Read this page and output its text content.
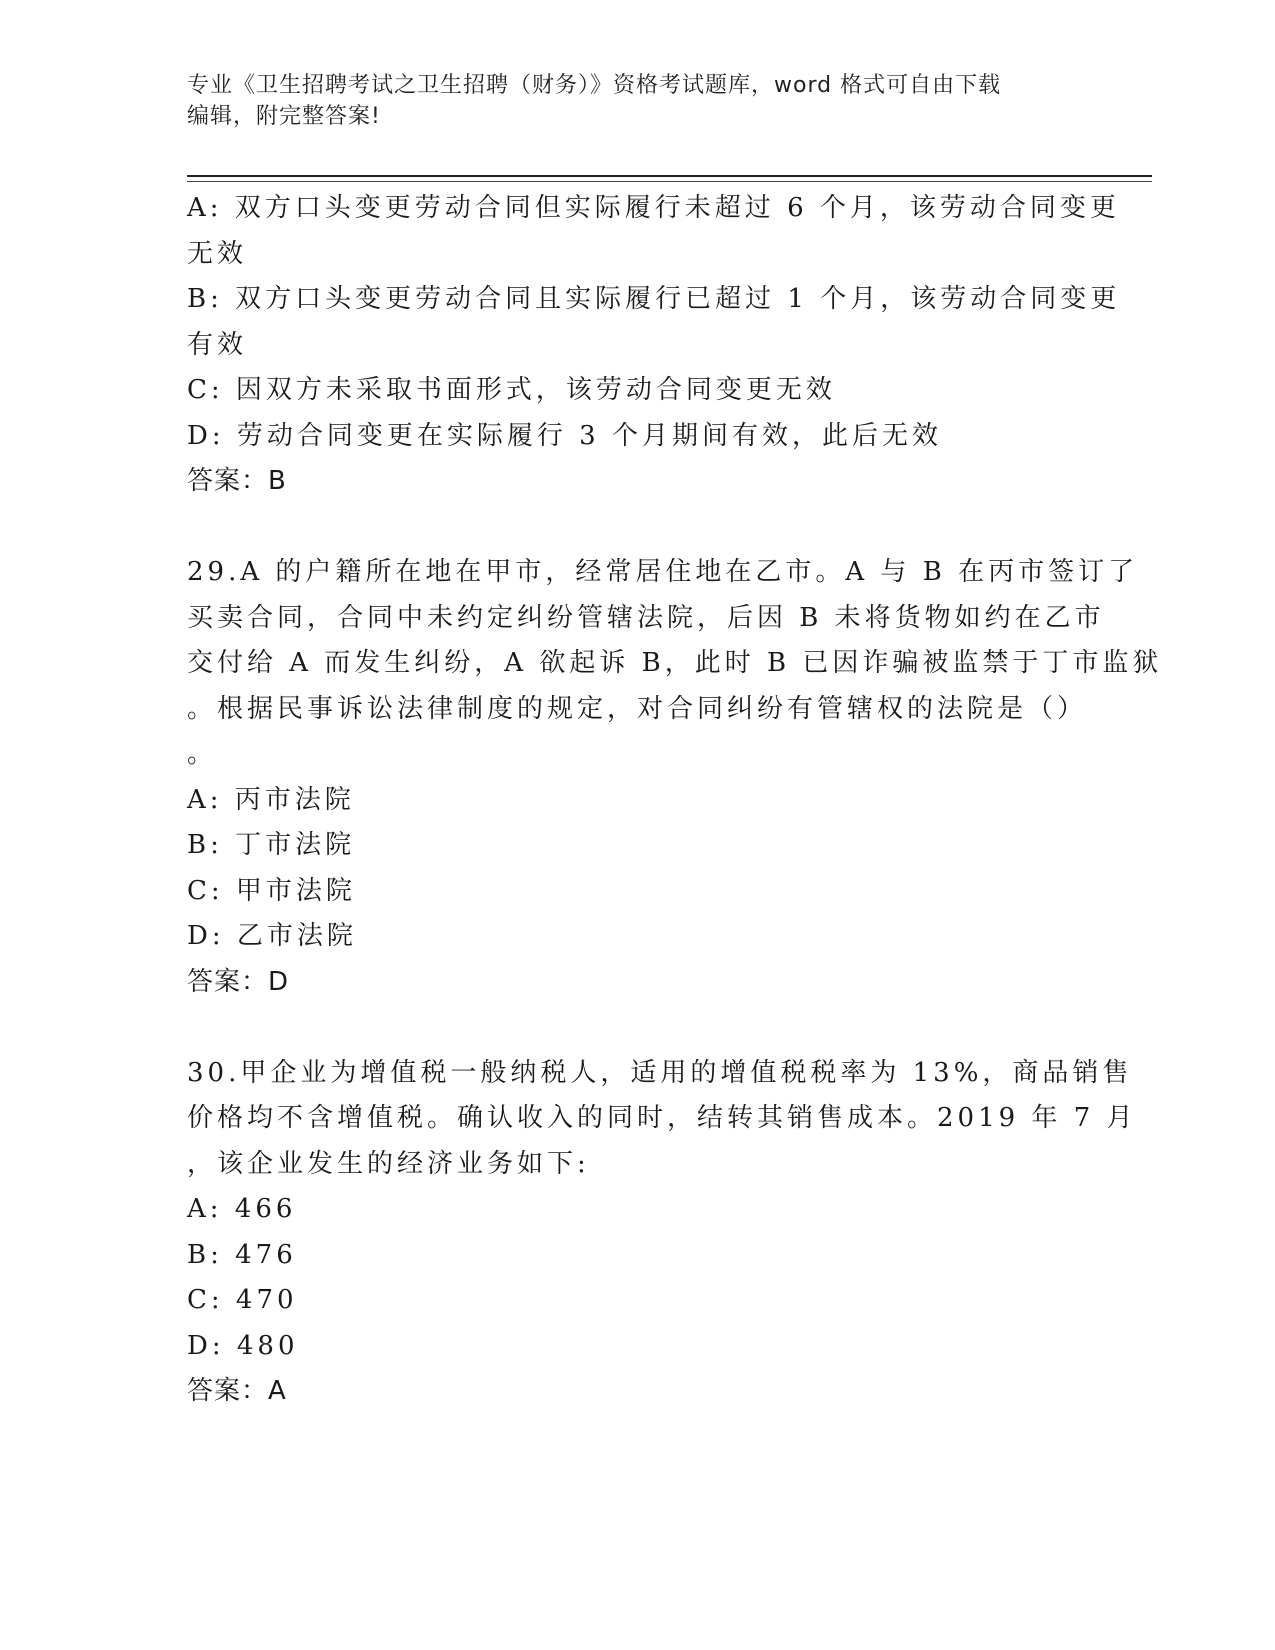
专业《卫生招聘考试之卫生招聘（财务）》资格考试题库，word 格式可自由下载
编辑，附完整答案!
A: 双方口头变更劳动合同但实际履行未超过 6 个月，该劳动合同变更
无效
B: 双方口头变更劳动合同且实际履行已超过 1 个月，该劳动合同变更
有效
C: 因双方未采取书面形式，该劳动合同变更无效
D: 劳动合同变更在实际履行 3 个月期间有效，此后无效
答案：B
29.A 的户籍所在地在甲市，经常居住地在乙市。A 与 B 在丙市签订了
买卖合同，合同中未约定纠纷管辖法院，后因 B 未将货物如约在乙市
交付给 A 而发生纠纷，A 欲起诉 B，此时 B 已因诈骗被监禁于丁市监狱
。根据民事诉讼法律制度的规定，对合同纠纷有管辖权的法院是（）
。
A: 丙市法院
B: 丁市法院
C: 甲市法院
D: 乙市法院
答案：D
30.甲企业为增值税一般纳税人，适用的增值税税率为 13%，商品销售
价格均不含增值税。确认收入的同时，结转其销售成本。2019 年 7 月
，该企业发生的经济业务如下:
A: 466
B: 476
C: 470
D: 480
答案：A
